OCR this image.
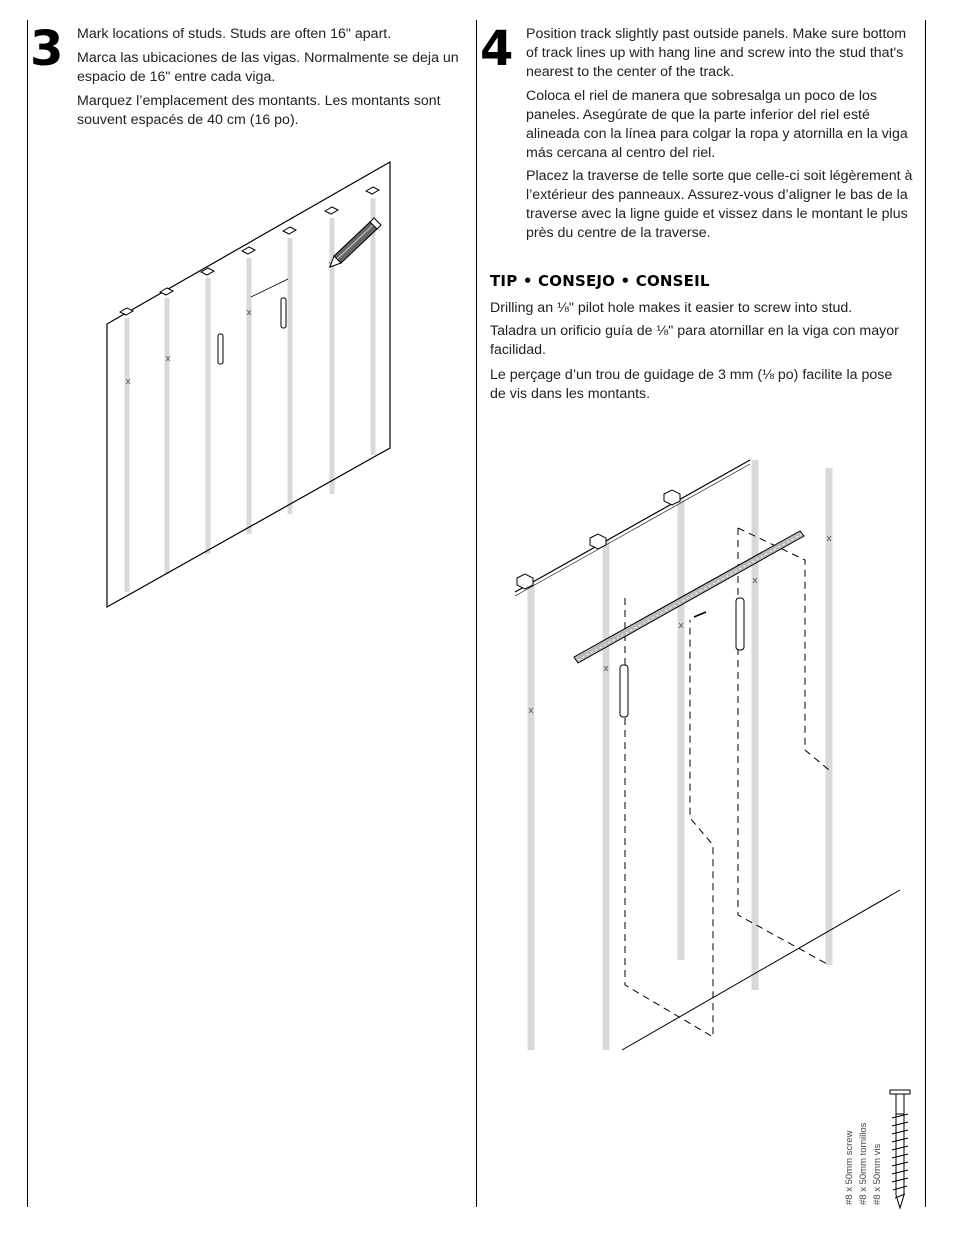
3 Mark locations of studs. Studs are often 16" apart.

Marca las ubicaciones de las vigas. Normalmente se deja un espacio de 16" entre cada viga.

Marquez l’emplacement des montants. Les montants sont souvent espacés de 40 cm (16 po).

4 Position track slightly past outside panels. Make sure bottom of track lines up with hang line and screw into the stud that's nearest to the center of the track.

Coloca el riel de manera que sobresalga un poco de los paneles. Asegúrate de que la parte inferior del riel esté alineada con la línea para colgar la ropa y atornilla en la viga más cercana al centro del riel.

Placez la traverse de telle sorte que celle-ci soit légèrement à l’extérieur des panneaux. Assurez-vous d’aligner le bas de la traverse avec la ligne guide et vissez dans le montant le plus près du centre de la traverse.

TIP • CONSEJO • CONSEIL

Drilling an ⅛" pilot hole makes it easier to screw into stud.

Taladra un orificio guía de ⅛" para atornillar en la viga con mayor facilidad.

Le perçage d’un trou de guidage de 3 mm (⅛ po) facilite la pose de vis dans les montants.

#8 x 50mm screw #8 x 50mm tornillos #8 x 50mm vis
